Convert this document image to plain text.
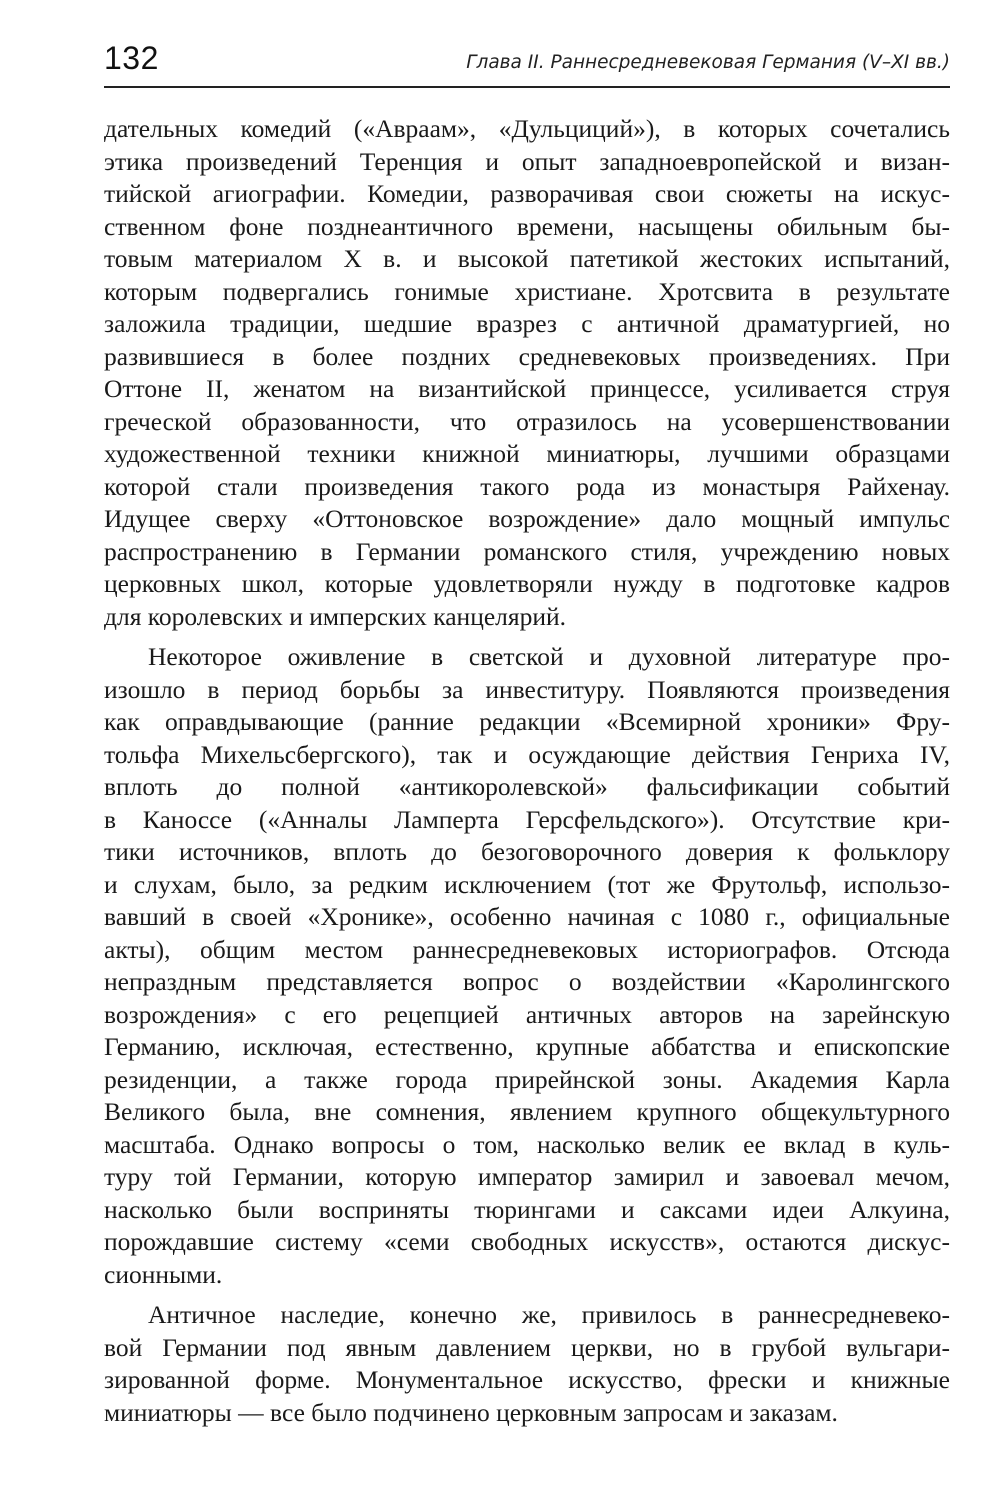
132	Глава II. Раннесредневековая Германия (V–XI вв.)
дательных комедий («Авраам», «Дульциций»), в которых сочетались
этика произведений Теренция и опыт западноевропейской и визан-
тийской агиографии. Комедии, разворачивая свои сюжеты на искус-
ственном фоне позднеантичного времени, насыщены обильным бы-
товым материалом X в. и высокой патетикой жестоких испытаний,
которым подвергались гонимые христиане. Хротсвита в результате
заложила традиции, шедшие вразрез с античной драматургией, но
развившиеся в более поздних средневековых произведениях. При
Оттоне II, женатом на византийской принцессе, усиливается струя
греческой образованности, что отразилось на усовершенствовании
художественной техники книжной миниатюры, лучшими образцами
которой стали произведения такого рода из монастыря Райхенау.
Идущее сверху «Оттоновское возрождение» дало мощный импульс
распространению в Германии романского стиля, учреждению новых
церковных школ, которые удовлетворяли нужду в подготовке кадров
для королевских и имперских канцелярий.
Некоторое оживление в светской и духовной литературе про-
изошло в период борьбы за инвеституру. Появляются произведения
как оправдывающие (ранние редакции «Всемирной хроники» Фру-
тольфа Михельсбергского), так и осуждающие действия Генриха IV,
вплоть до полной «антикоролевской» фальсификации событий
в Каноссе («Анналы Ламперта Герсфельдского»). Отсутствие кри-
тики источников, вплоть до безоговорочного доверия к фольклору
и слухам, было, за редким исключением (тот же Фрутольф, использо-
вавший в своей «Хронике», особенно начиная с 1080 г., официальные
акты), общим местом раннесредневековых историографов. Отсюда
непраздным представляется вопрос о воздействии «Каролингского
возрождения» с его рецепцией античных авторов на зарейнскую
Германию, исключая, естественно, крупные аббатства и епископские
резиденции, а также города прирейнской зоны. Академия Карла
Великого была, вне сомнения, явлением крупного общекультурного
масштаба. Однако вопросы о том, насколько велик ее вклад в куль-
туру той Германии, которую император замирил и завоевал мечом,
насколько были восприняты тюрингами и саксами идеи Алкуина,
порождавшие систему «семи свободных искусств», остаются дискус-
сионными.
Античное наследие, конечно же, привилось в раннесредневеко-
вой Германии под явным давлением церкви, но в грубой вульгари-
зированной форме. Монументальное искусство, фрески и книжные
миниатюры — все было подчинено церковным запросам и заказам.
